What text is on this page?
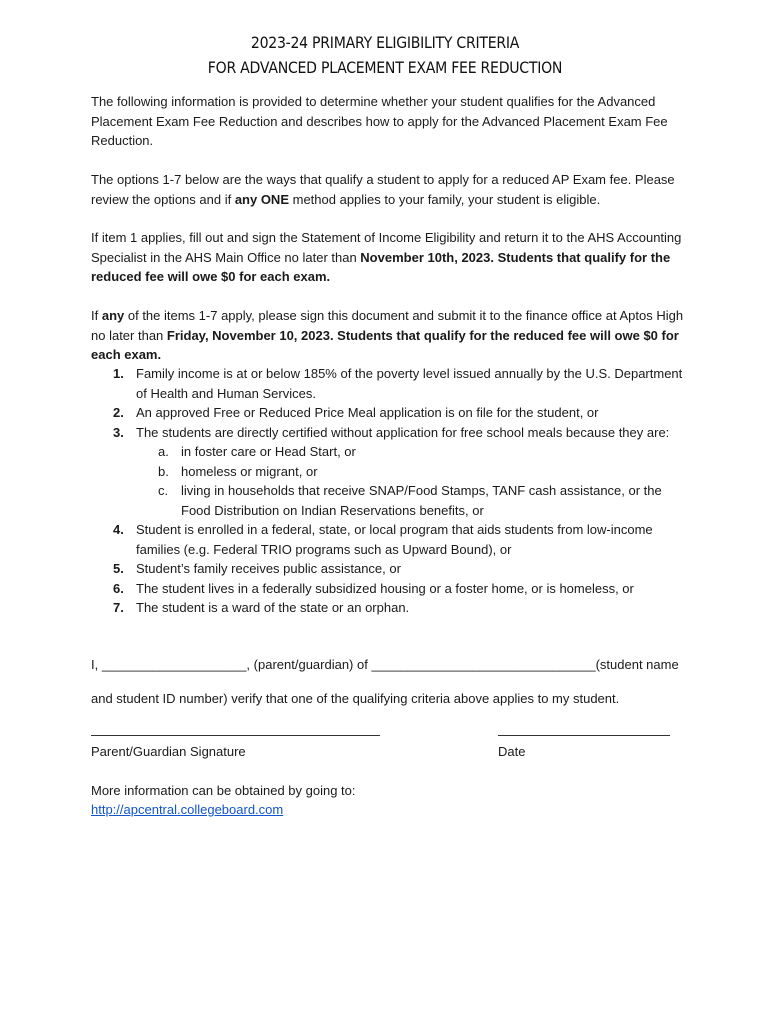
2023-24 PRIMARY ELIGIBILITY CRITERIA
FOR ADVANCED PLACEMENT EXAM FEE REDUCTION

The following information is provided to determine whether your student qualifies for the Advanced Placement Exam Fee Reduction and describes how to apply for the Advanced Placement Exam Fee Reduction.

The options 1-7 below are the ways that qualify a student to apply for a reduced AP Exam fee. Please review the options and if any ONE method applies to your family, your student is eligible.

If item 1 applies, fill out and sign the Statement of Income Eligibility and return it to the AHS Accounting Specialist in the AHS Main Office no later than November 10th, 2023. Students that qualify for the reduced fee will owe $0 for each exam.

If any of the items 1-7 apply, please sign this document and submit it to the finance office at Aptos High no later than Friday, November 10, 2023. Students that qualify for the reduced fee will owe $0 for each exam.

1. Family income is at or below 185% of the poverty level issued annually by the U.S. Department of Health and Human Services.
2. An approved Free or Reduced Price Meal application is on file for the student, or
3. The students are directly certified without application for free school meals because they are:
a. in foster care or Head Start, or
b. homeless or migrant, or
c. living in households that receive SNAP/Food Stamps, TANF cash assistance, or the Food Distribution on Indian Reservations benefits, or
4. Student is enrolled in a federal, state, or local program that aids students from low-income families (e.g. Federal TRIO programs such as Upward Bound), or
5. Student’s family receives public assistance, or
6. The student lives in a federally subsidized housing or a foster home, or is homeless, or
7. The student is a ward of the state or an orphan.
I, ____________________, (parent/guardian) of _______________________________(student name
and student ID number) verify that one of the qualifying criteria above applies to my student.
Parent/Guardian Signature	Date
More information can be obtained by going to:
http://apcentral.collegeboard.com
